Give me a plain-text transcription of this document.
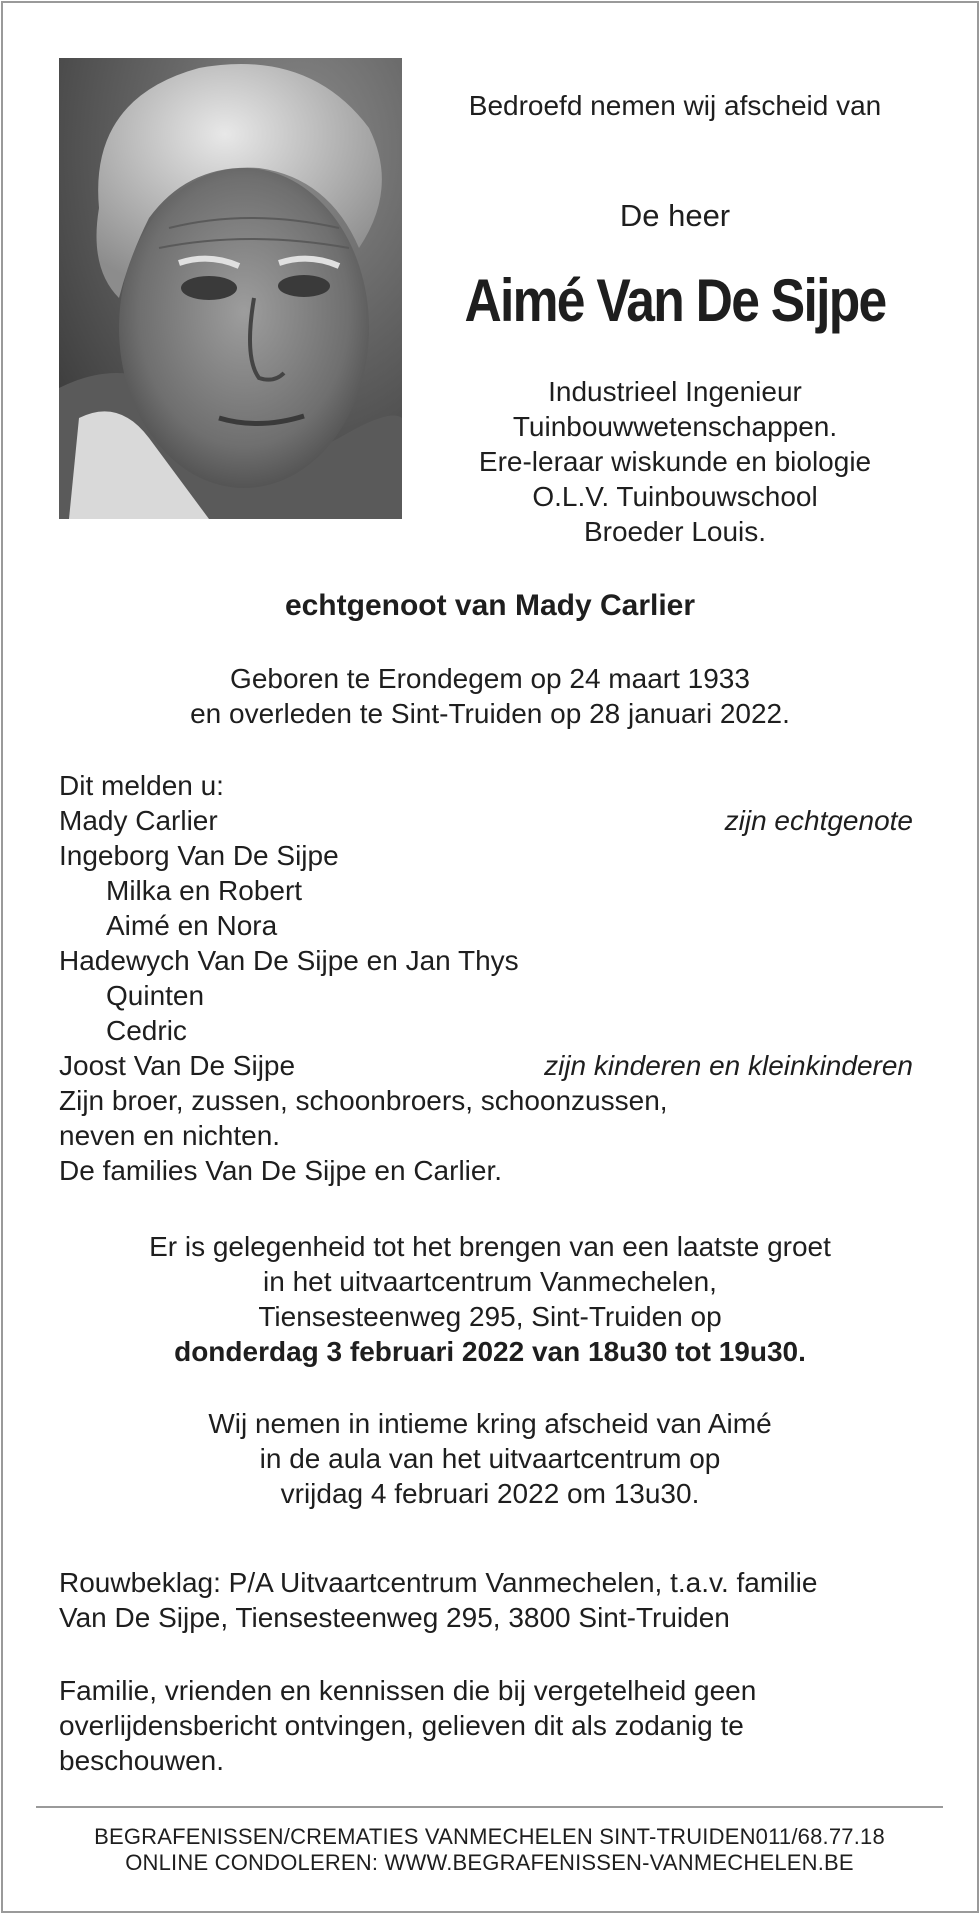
Bedroefd nemen wij afscheid van
De heer
Aimé Van De Sijpe
Industrieel Ingenieur
Tuinbouwwetenschappen.
Ere-leraar wiskunde en biologie
O.L.V. Tuinbouwschool
Broeder Louis.
echtgenoot van Mady Carlier
Geboren te Erondegem op 24 maart 1933
en overleden te Sint-Truiden op 28 januari 2022.
Dit melden u:
Mady Carlier	zijn echtgenote
Ingeborg Van De Sijpe
Milka en Robert
Aimé en Nora
Hadewych Van De Sijpe en Jan Thys
Quinten
Cedric
Joost Van De Sijpe	zijn kinderen en kleinkinderen
Zijn broer, zussen, schoonbroers, schoonzussen,
neven en nichten.
De families Van De Sijpe en Carlier.
Er is gelegenheid tot het brengen van een laatste groet
in het uitvaartcentrum Vanmechelen,
Tiensesteenweg 295, Sint-Truiden op
donderdag 3 februari 2022 van 18u30 tot 19u30.
Wij nemen in intieme kring afscheid van Aimé
in de aula van het uitvaartcentrum op
vrijdag 4 februari 2022 om 13u30.
Rouwbeklag: P/A Uitvaartcentrum Vanmechelen, t.a.v. familie
Van De Sijpe, Tiensesteenweg 295, 3800 Sint-Truiden
Familie, vrienden en kennissen die bij vergetelheid geen
overlijdensbericht ontvingen, gelieven dit als zodanig te
beschouwen.
BEGRAFENISSEN/CREMATIES VANMECHELEN SINT-TRUIDEN011/68.77.18
ONLINE CONDOLEREN: WWW.BEGRAFENISSEN-VANMECHELEN.BE
